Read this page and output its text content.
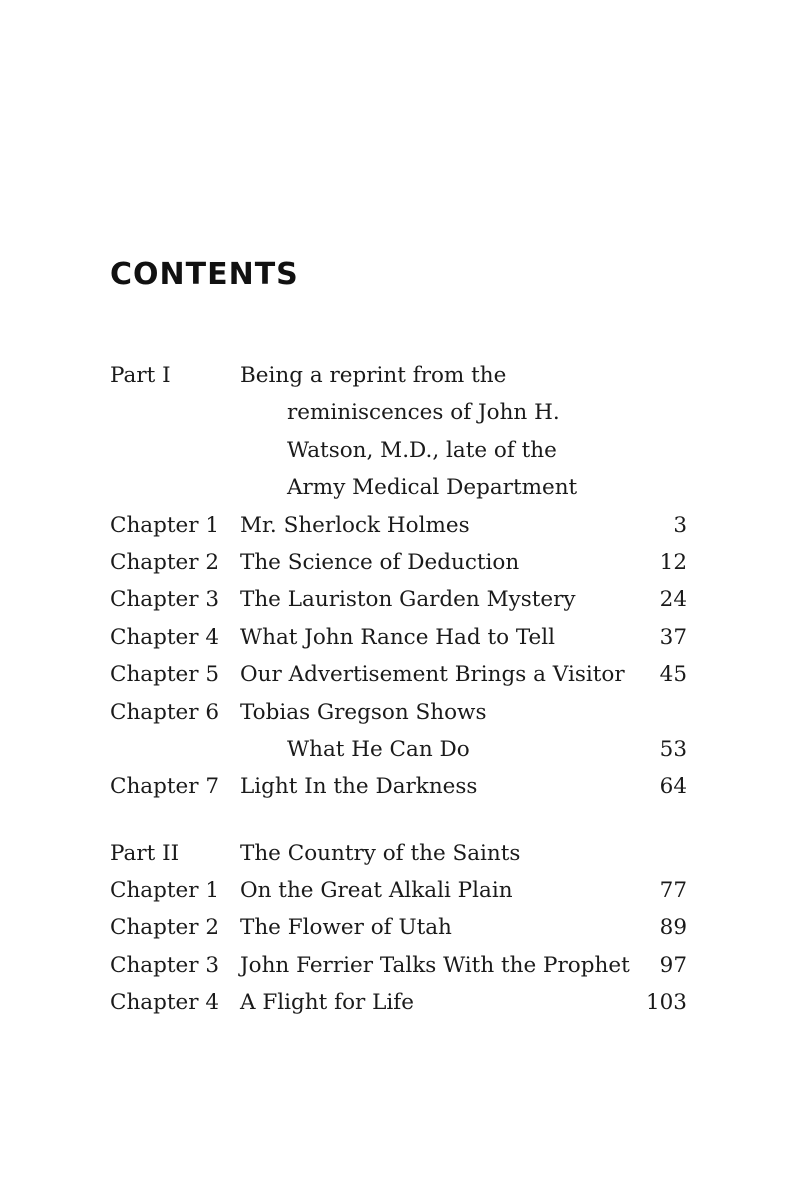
CONTENTS
Part I	Being a reprint from the
reminiscences of John H.
Watson, M.D., late of the
Army Medical Department
Chapter 1 Mr. Sherlock Holmes	3
Chapter 2 The Science of Deduction	12
Chapter 3 The Lauriston Garden Mystery	24
Chapter 4 What John Rance Had to Tell	37
Chapter 5 Our Advertisement Brings a Visitor 45
Chapter 6 Tobias Gregson Shows
What He Can Do	53
Chapter 7 Light In the Darkness	64
Part II	The Country of the Saints
Chapter 1 On the Great Alkali Plain	77
Chapter 2 The Flower of Utah	89
Chapter 3 John Ferrier Talks With the Prophet 97
Chapter 4 A Flight for Life	103
